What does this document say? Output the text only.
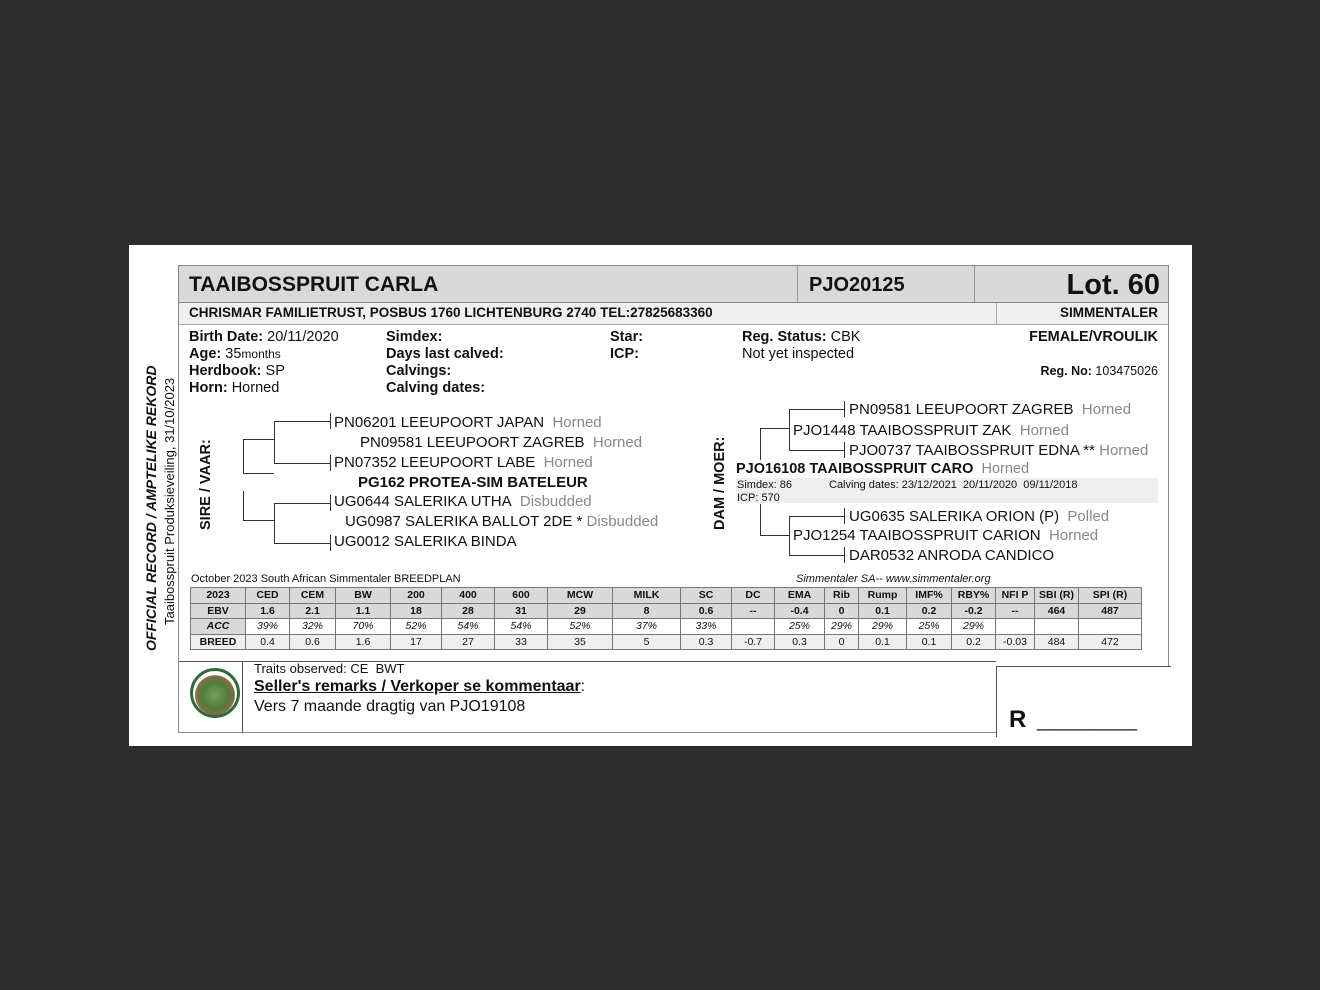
OFFICIAL RECORD / AMPTELIKE REKORD Taaibosspruit Produksieveiling, 31/10/2023
TAAIBOSSPRUIT CARLA	PJO20125	Lot. 60
CHRISMAR FAMILIETRUST, POSBUS 1760 LICHTENBURG 2740 TEL:27825683360	SIMMENTALER
Birth Date: 20/11/2020
Age: 35months
Herdbook: SP
Horn: Horned
Simdex:
Days last calved:
Calvings:
Calving dates:
Star:
ICP:
Reg. Status: CBK
Not yet inspected
FEMALE/VROULIK
Reg. No: 103475026
SIRE / VAAR:
PN06201 LEEUPOORT JAPAN Horned
PN09581 LEEUPOORT ZAGREB Horned
PN07352 LEEUPOORT LABE Horned
PG162 PROTEA-SIM BATELEUR
UG0644 SALERIKA UTHA Disbudded
UG0987 SALERIKA BALLOT 2DE * Disbudded
UG0012 SALERIKA BINDA
DAM / MOER:
PN09581 LEEUPOORT ZAGREB Horned
PJO1448 TAAIBOSSPRUIT ZAK Horned
PJO0737 TAAIBOSSPRUIT EDNA ** Horned
PJO16108 TAAIBOSSPRUIT CARO Horned
Simdex: 86
ICP: 570
Calving dates: 23/12/2021  20/11/2020  09/11/2018
UG0635 SALERIKA ORION (P) Polled
PJO1254 TAAIBOSSPRUIT CARION Horned
DAR0532 ANRODA CANDICO
October 2023 South African Simmentaler BREEDPLAN	Simmentaler SA-- www.simmentaler.org
2023	CED	CEM	BW	200	400	600	MCW	MILK	SC	DC	EMA	Rib	Rump	IMF%	RBY%	NFI P	SBI (R)	SPI (R)
EBV	1.6	2.1	1.1	18	28	31	29	8	0.6	--	-0.4	0	0.1	0.2	-0.2	--	464	487
ACC	39%	32%	70%	52%	54%	54%	52%	37%	33%		25%	29%	29%	25%	29%			
BREED	0.4	0.6	1.6	17	27	33	35	5	0.3	-0.7	0.3	0	0.1	0.1	0.2	-0.03	484	472
Traits observed: CE  BWT
Seller's remarks / Verkoper se kommentaar:
Vers 7 maande dragtig van PJO19108	R __________
